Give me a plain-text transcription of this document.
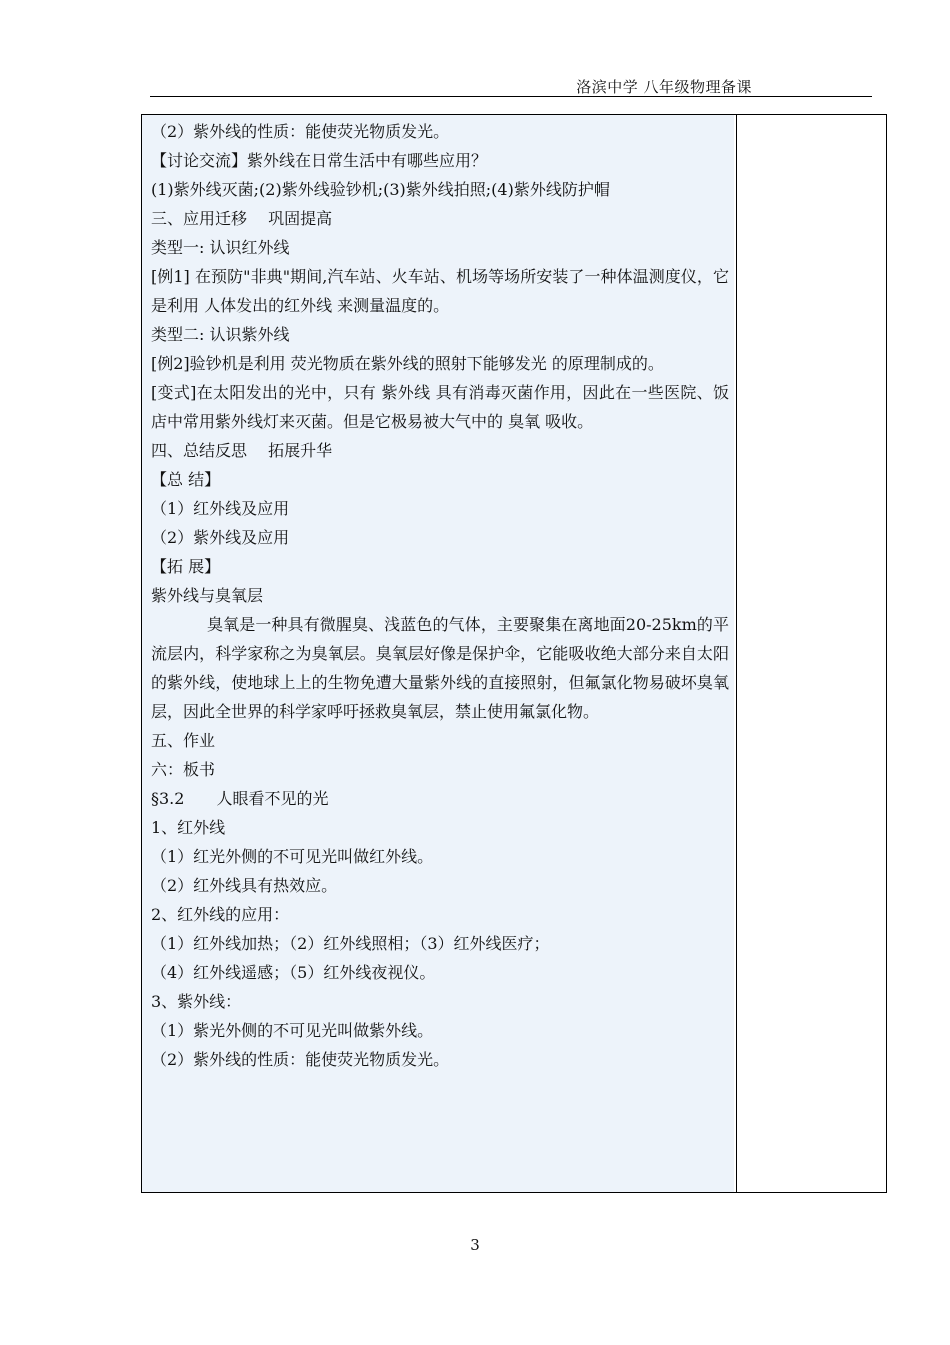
洛滨中学 八年级物理备课
（2）紫外线的性质：能使荧光物质发光。
【讨论交流】紫外线在日常生活中有哪些应用？
(1)紫外线灭菌;(2)紫外线验钞机;(3)紫外线拍照;(4)紫外线防护帽
三、应用迁移　 巩固提高
类型一: 认识红外线
[例1] 在预防"非典"期间,汽车站、火车站、机场等场所安装了一种体温测度仪，它是利用 人体发出的红外线 来测量温度的。
类型二: 认识紫外线
[例2]验钞机是利用 荧光物质在紫外线的照射下能够发光 的原理制成的。
[变式]在太阳发出的光中，只有 紫外线 具有消毒灭菌作用，因此在一些医院、饭店中常用紫外线灯来灭菌。但是它极易被大气中的 臭氧 吸收。
四、总结反思　 拓展升华
【总 结】
（1）红外线及应用
（2）紫外线及应用
【拓 展】
紫外线与臭氧层
臭氧是一种具有微腥臭、浅蓝色的气体，主要聚集在离地面20-25km的平流层内，科学家称之为臭氧层。臭氧层好像是保护伞，它能吸收绝大部分来自太阳的紫外线，使地球上上的生物免遭大量紫外线的直接照射，但氟氯化物易破坏臭氧层，因此全世界的科学家呼吁拯救臭氧层，禁止使用氟氯化物。
五、作业
六：板书
§3.2　　人眼看不见的光
1、红外线
（1）红光外侧的不可见光叫做红外线。
（2）红外线具有热效应。
2、红外线的应用：
（1）红外线加热；（2）红外线照相；（3）红外线医疗；
（4）红外线遥感；（5）红外线夜视仪。
3、紫外线：
（1）紫光外侧的不可见光叫做紫外线。
（2）紫外线的性质：能使荧光物质发光。
3
